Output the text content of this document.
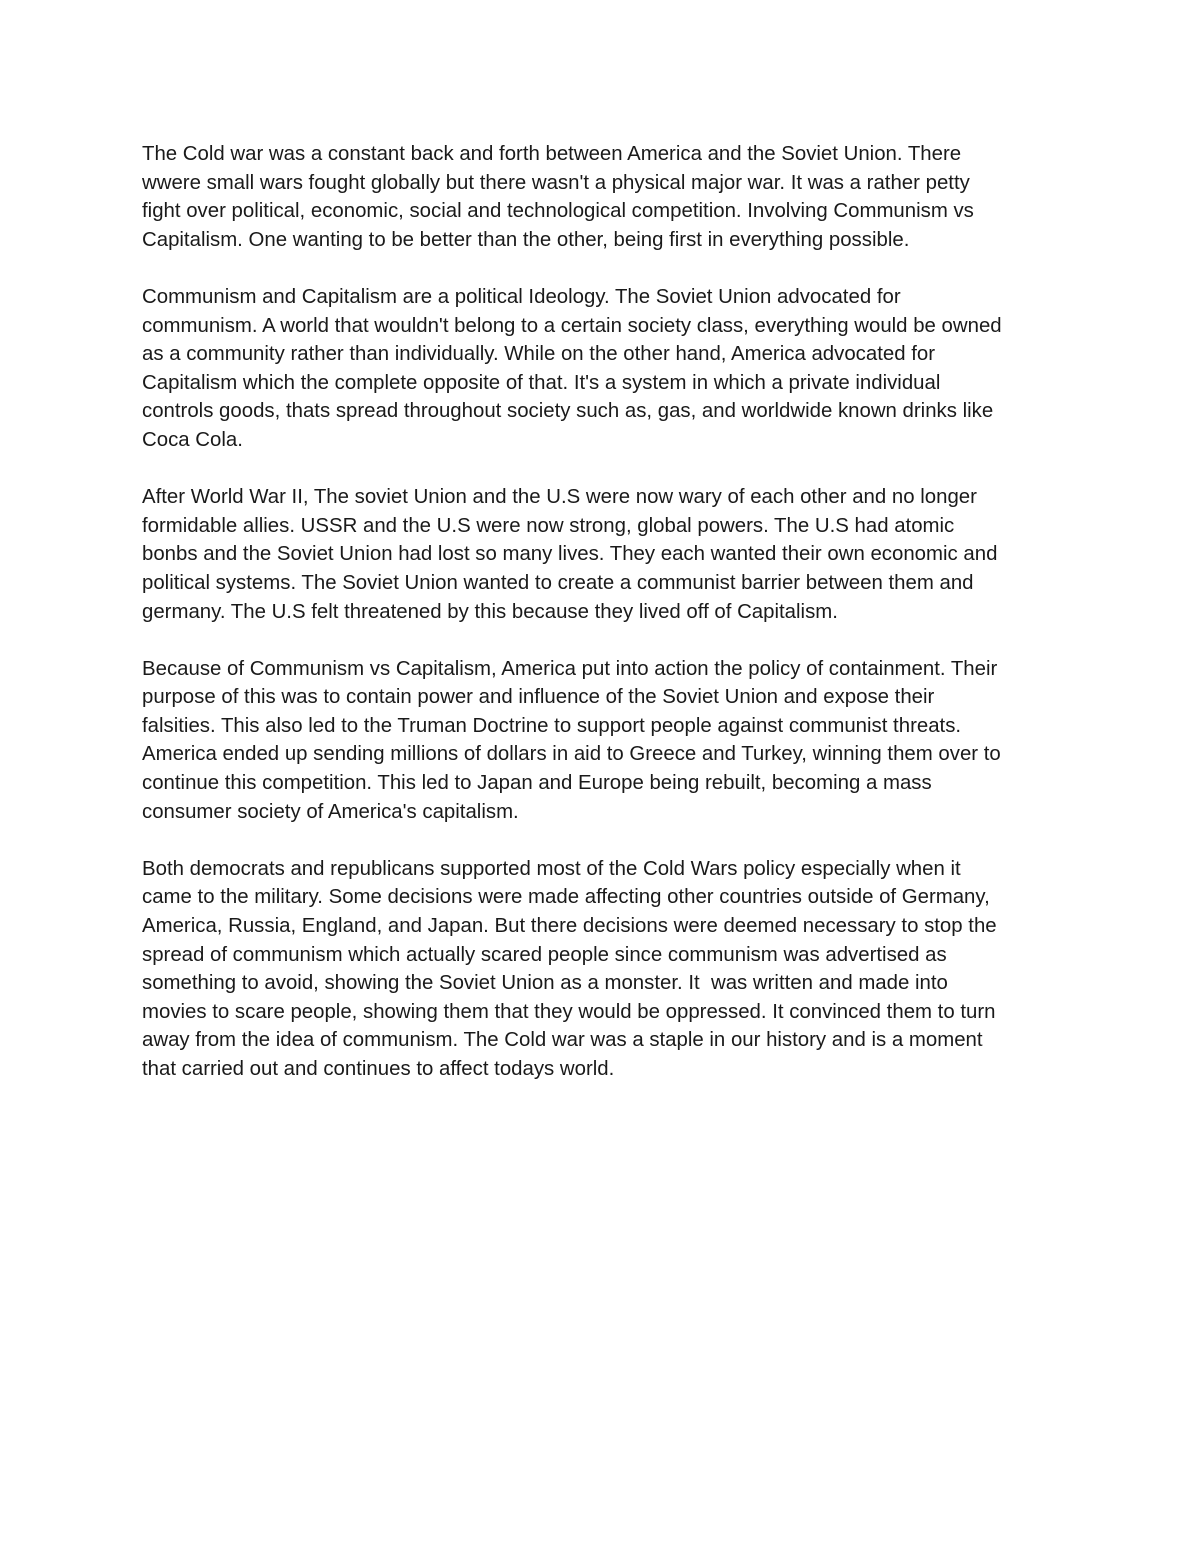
The Cold war was a constant back and forth between America and the Soviet Union. There
wwere small wars fought globally but there wasn't a physical major war. It was a rather petty
fight over political, economic, social and technological competition. Involving Communism vs
Capitalism. One wanting to be better than the other, being first in everything possible.

Communism and Capitalism are a political Ideology. The Soviet Union advocated for
communism. A world that wouldn't belong to a certain society class, everything would be owned
as a community rather than individually. While on the other hand, America advocated for
Capitalism which the complete opposite of that. It's a system in which a private individual
controls goods, thats spread throughout society such as, gas, and worldwide known drinks like
Coca Cola.

After World War II, The soviet Union and the U.S were now wary of each other and no longer
formidable allies. USSR and the U.S were now strong, global powers. The U.S had atomic
bonbs and the Soviet Union had lost so many lives. They each wanted their own economic and
political systems. The Soviet Union wanted to create a communist barrier between them and
germany. The U.S felt threatened by this because they lived off of Capitalism.

Because of Communism vs Capitalism, America put into action the policy of containment. Their
purpose of this was to contain power and influence of the Soviet Union and expose their
falsities. This also led to the Truman Doctrine to support people against communist threats.
America ended up sending millions of dollars in aid to Greece and Turkey, winning them over to
continue this competition. This led to Japan and Europe being rebuilt, becoming a mass
consumer society of America's capitalism.

Both democrats and republicans supported most of the Cold Wars policy especially when it
came to the military. Some decisions were made affecting other countries outside of Germany,
America, Russia, England, and Japan. But there decisions were deemed necessary to stop the
spread of communism which actually scared people since communism was advertised as
something to avoid, showing the Soviet Union as a monster. It  was written and made into
movies to scare people, showing them that they would be oppressed. It convinced them to turn
away from the idea of communism. The Cold war was a staple in our history and is a moment
that carried out and continues to affect todays world.
